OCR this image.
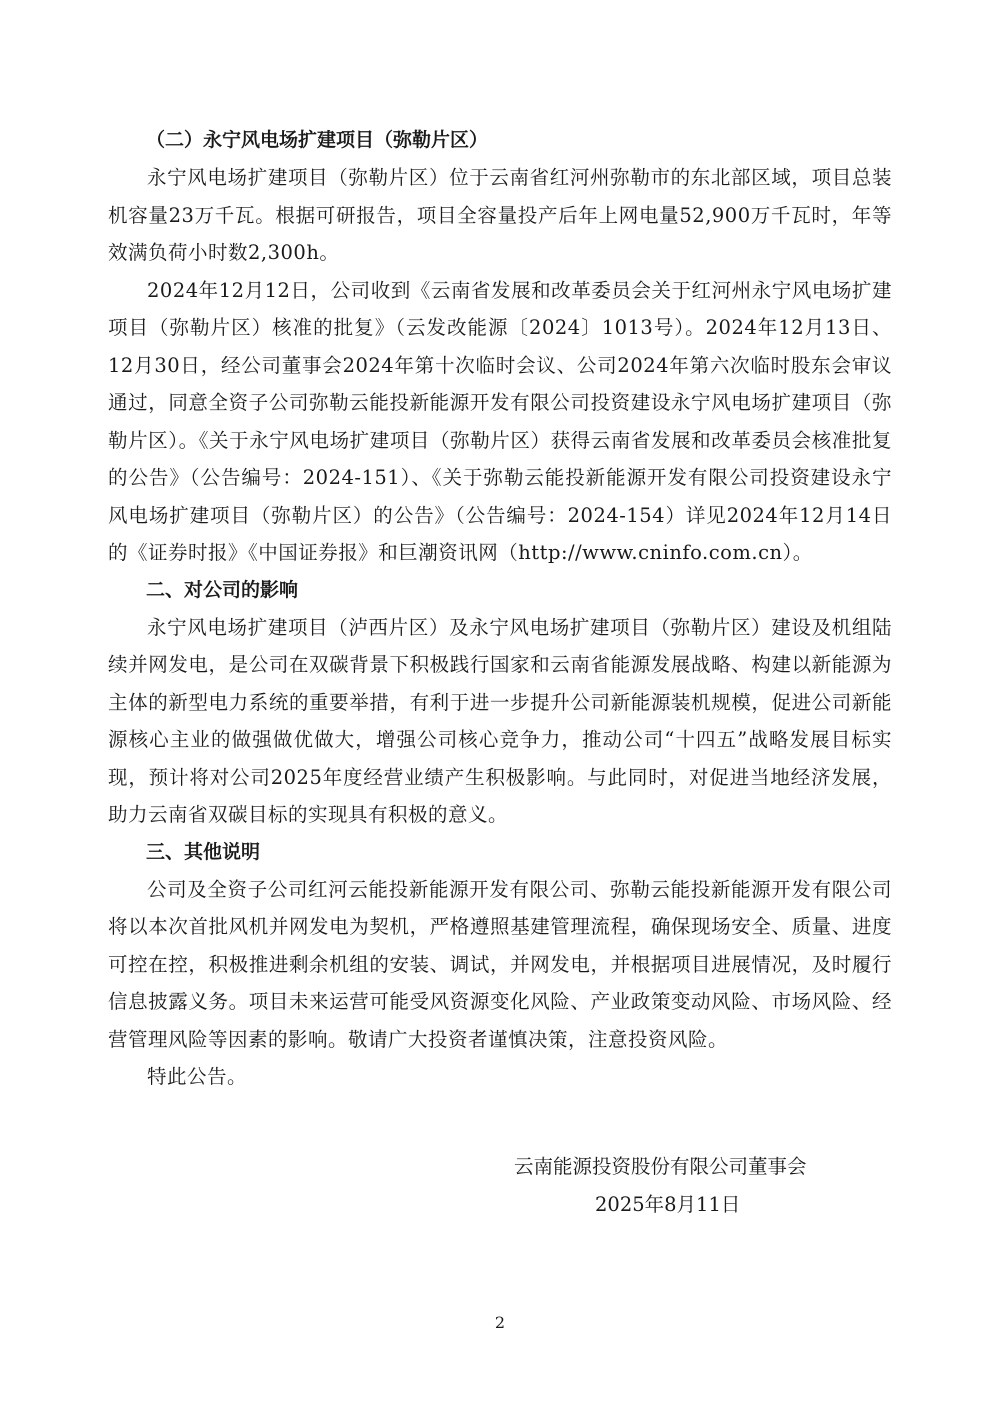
（二）永宁风电场扩建项目（弥勒片区）

永宁风电场扩建项目（弥勒片区）位于云南省红河州弥勒市的东北部区域，项目总装机容量23万千瓦。根据可研报告，项目全容量投产后年上网电量52,900万千瓦时，年等效满负荷小时数2,300h。

2024年12月12日，公司收到《云南省发展和改革委员会关于红河州永宁风电场扩建项目（弥勒片区）核准的批复》（云发改能源〔2024〕1013号）。2024年12月13日、12月30日，经公司董事会2024年第十次临时会议、公司2024年第六次临时股东会审议通过，同意全资子公司弥勒云能投新能源开发有限公司投资建设永宁风电场扩建项目（弥勒片区）。《关于永宁风电场扩建项目（弥勒片区）获得云南省发展和改革委员会核准批复的公告》（公告编号：2024-151）、《关于弥勒云能投新能源开发有限公司投资建设永宁风电场扩建项目（弥勒片区）的公告》（公告编号：2024-154）详见2024年12月14日的《证券时报》《中国证券报》和巨潮资讯网（http://www.cninfo.com.cn）。

二、对公司的影响

永宁风电场扩建项目（泸西片区）及永宁风电场扩建项目（弥勒片区）建设及机组陆续并网发电，是公司在双碳背景下积极践行国家和云南省能源发展战略、构建以新能源为主体的新型电力系统的重要举措，有利于进一步提升公司新能源装机规模，促进公司新能源核心主业的做强做优做大，增强公司核心竞争力，推动公司“十四五”战略发展目标实现，预计将对公司2025年度经营业绩产生积极影响。与此同时，对促进当地经济发展，助力云南省双碳目标的实现具有积极的意义。

三、其他说明

公司及全资子公司红河云能投新能源开发有限公司、弥勒云能投新能源开发有限公司将以本次首批风机并网发电为契机，严格遵照基建管理流程，确保现场安全、质量、进度可控在控，积极推进剩余机组的安装、调试，并网发电，并根据项目进展情况，及时履行信息披露义务。项目未来运营可能受风资源变化风险、产业政策变动风险、市场风险、经营管理风险等因素的影响。敬请广大投资者谨慎决策，注意投资风险。

特此公告。

云南能源投资股份有限公司董事会
2025年8月11日
2
